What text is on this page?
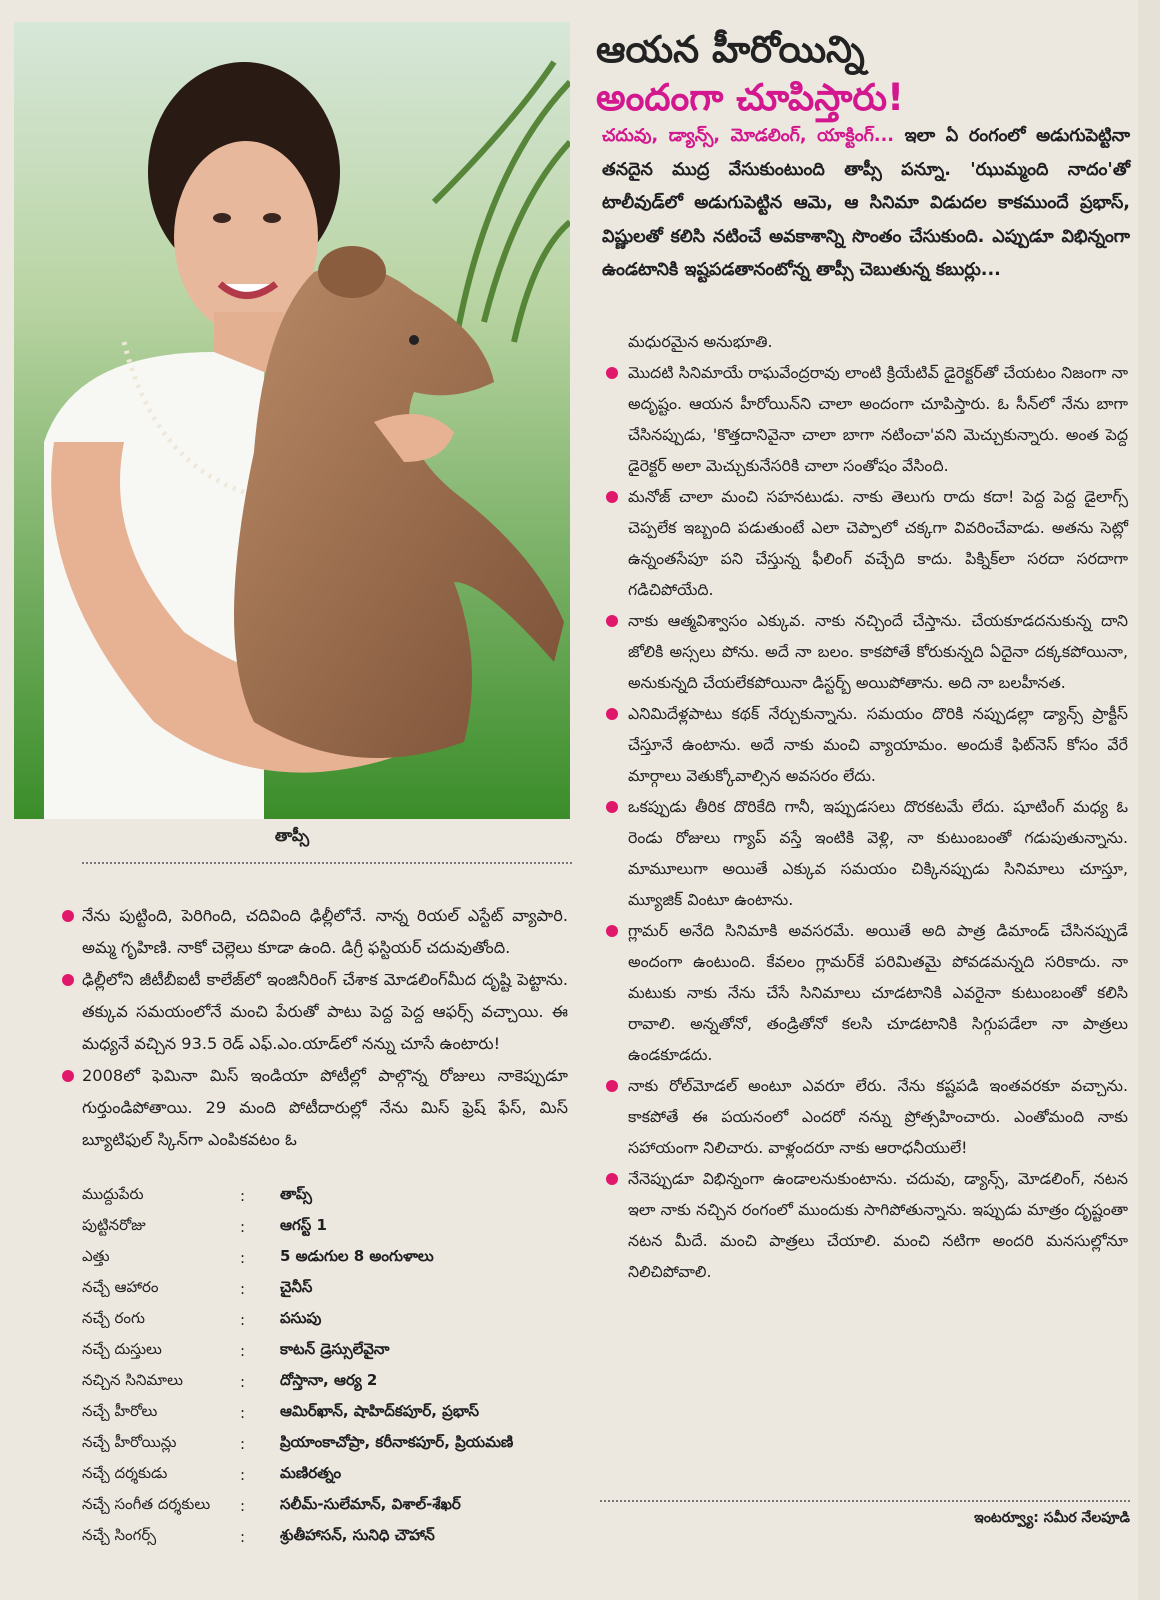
తాప్సీ

నేను పుట్టింది, పెరిగింది, చదివింది ఢిల్లీలోనే. నాన్న రియల్ ఎస్టేట్ వ్యాపారి. అమ్మ గృహిణి. నాకో చెల్లెలు కూడా ఉంది. డిగ్రీ ఫస్టియర్ చదువుతోంది.

ఢిల్లీలోని జీటీబీఐటీ కాలేజ్‌లో ఇంజినీరింగ్ చేశాక మోడలింగ్‌మీద దృష్టి పెట్టాను. తక్కువ సమయంలోనే మంచి పేరుతో పాటు పెద్ద పెద్ద ఆఫర్స్ వచ్చాయి. ఈ మధ్యనే వచ్చిన 93.5 రెడ్ ఎఫ్.ఎం.యాడ్‌లో నన్ను చూసే ఉంటారు!

2008లో ఫెమినా మిస్ ఇండియా పోటీల్లో పాల్గొన్న రోజులు నాకెప్పుడూ గుర్తుండిపోతాయి. 29 మంది పోటీదారుల్లో నేను మిస్ ఫ్రెష్ ఫేస్, మిస్ బ్యూటిఫుల్ స్కిన్‌గా ఎంపికవటం ఓ

ముద్దుపేరు	:	తాప్స్
పుట్టినరోజు	:	ఆగస్ట్ 1
ఎత్తు	:	5 అడుగుల 8 అంగుళాలు
నచ్చే ఆహారం	:	చైనీస్
నచ్చే రంగు	:	పసుపు
నచ్చే దుస్తులు	:	కాటన్ డ్రెస్సులేవైనా
నచ్చిన సినిమాలు	:	దోస్తానా, ఆర్య 2
నచ్చే హీరోలు	:	ఆమిర్‌ఖాన్, షాహిద్‌కపూర్, ప్రభాస్
నచ్చే హీరోయిన్లు	:	ప్రియాంకాచోప్రా, కరీనాకపూర్, ప్రియమణి
నచ్చే దర్శకుడు	:	మణిరత్నం
నచ్చే సంగీత దర్శకులు	:	సలీమ్-సులేమాన్, విశాల్-శేఖర్
నచ్చే సింగర్స్	:	శ్రుతీహాసన్, సునిధి చౌహాన్
ఆయన హీరోయిన్ని
అందంగా చూపిస్తారు!
చదువు, డ్యాన్స్, మోడలింగ్, యాక్టింగ్... ఇలా ఏ రంగంలో అడుగుపెట్టినా తనదైన ముద్ర వేసుకుంటుంది తాప్సీ పన్నూ. 'ఝుమ్మంది నాదం'తో టాలీవుడ్‌లో అడుగుపెట్టిన ఆమె, ఆ సినిమా విడుదల కాకముందే ప్రభాస్, విష్ణులతో కలిసి నటించే అవకాశాన్ని సొంతం చేసుకుంది. ఎప్పుడూ విభిన్నంగా ఉండటానికి ఇష్టపడతానంటోన్న తాప్సీ చెబుతున్న కబుర్లు...

మధురమైన అనుభూతి.

మొదటి సినిమాయే రాఘవేంద్రరావు లాంటి క్రియేటివ్ డైరెక్టర్‌తో చేయటం నిజంగా నా అదృష్టం. ఆయన హీరోయిన్‌ని చాలా అందంగా చూపిస్తారు. ఓ సీన్‌లో నేను బాగా చేసినప్పుడు, 'కొత్తదానివైనా చాలా బాగా నటించా'వని మెచ్చుకున్నారు. అంత పెద్ద డైరెక్టర్ అలా మెచ్చుకునేసరికి చాలా సంతోషం వేసింది.

మనోజ్ చాలా మంచి సహనటుడు. నాకు తెలుగు రాదు కదా! పెద్ద పెద్ద డైలాగ్స్ చెప్పలేక ఇబ్బంది పడుతుంటే ఎలా చెప్పాలో చక్కగా వివరించేవాడు. అతను సెట్లో ఉన్నంతసేపూ పని చేస్తున్న ఫీలింగ్ వచ్చేది కాదు. పిక్నిక్‌లా సరదా సరదాగా గడిచిపోయేది.

నాకు ఆత్మవిశ్వాసం ఎక్కువ. నాకు నచ్చిందే చేస్తాను. చేయకూడదనుకున్న దాని జోలికి అస్సలు పోను. అదే నా బలం. కాకపోతే కోరుకున్నది ఏదైనా దక్కకపోయినా, అనుకున్నది చేయలేకపోయినా డిస్టర్బ్ అయిపోతాను. అది నా బలహీనత.

ఎనిమిదేళ్లపాటు కథక్ నేర్చుకున్నాను. సమయం దొరికి నప్పుడల్లా డ్యాన్స్ ప్రాక్టీస్ చేస్తూనే ఉంటాను. అదే నాకు మంచి వ్యాయామం. అందుకే ఫిట్‌నెస్ కోసం వేరే మార్గాలు వెతుక్కోవాల్సిన అవసరం లేదు.

ఒకప్పుడు తీరిక దొరికేది గానీ, ఇప్పుడసలు దొరకటమే లేదు. షూటింగ్ మధ్య ఓ రెండు రోజులు గ్యాప్ వస్తే ఇంటికి వెళ్లి, నా కుటుంబంతో గడుపుతున్నాను. మామూలుగా అయితే ఎక్కువ సమయం చిక్కినప్పుడు సినిమాలు చూస్తూ, మ్యూజిక్ వింటూ ఉంటాను.

గ్లామర్ అనేది సినిమాకి అవసరమే. అయితే అది పాత్ర డిమాండ్ చేసినప్పుడే అందంగా ఉంటుంది. కేవలం గ్లామర్‌కే పరిమితమై పోవడమన్నది సరికాదు. నా మటుకు నాకు నేను చేసే సినిమాలు చూడటానికి ఎవరైనా కుటుంబంతో కలిసి రావాలి. అన్నతోనో, తండ్రితోనో కలసి చూడటానికి సిగ్గుపడేలా నా పాత్రలు ఉండకూడదు.

నాకు రోల్‌మోడల్ అంటూ ఎవరూ లేరు. నేను కష్టపడి ఇంతవరకూ వచ్చాను. కాకపోతే ఈ పయనంలో ఎందరో నన్ను ప్రోత్సహించారు. ఎంతోమంది నాకు సహాయంగా నిలిచారు. వాళ్లందరూ నాకు ఆరాధనీయులే!

నేనెప్పుడూ విభిన్నంగా ఉండాలనుకుంటాను. చదువు, డ్యాన్స్, మోడలింగ్, నటన ఇలా నాకు నచ్చిన రంగంలో ముందుకు సాగిపోతున్నాను. ఇప్పుడు మాత్రం దృష్టంతా నటన మీదే. మంచి పాత్రలు చేయాలి. మంచి నటిగా అందరి మనసుల్లోనూ నిలిచిపోవాలి.

ఇంటర్వ్యూ: సమీర నేలపూడి
